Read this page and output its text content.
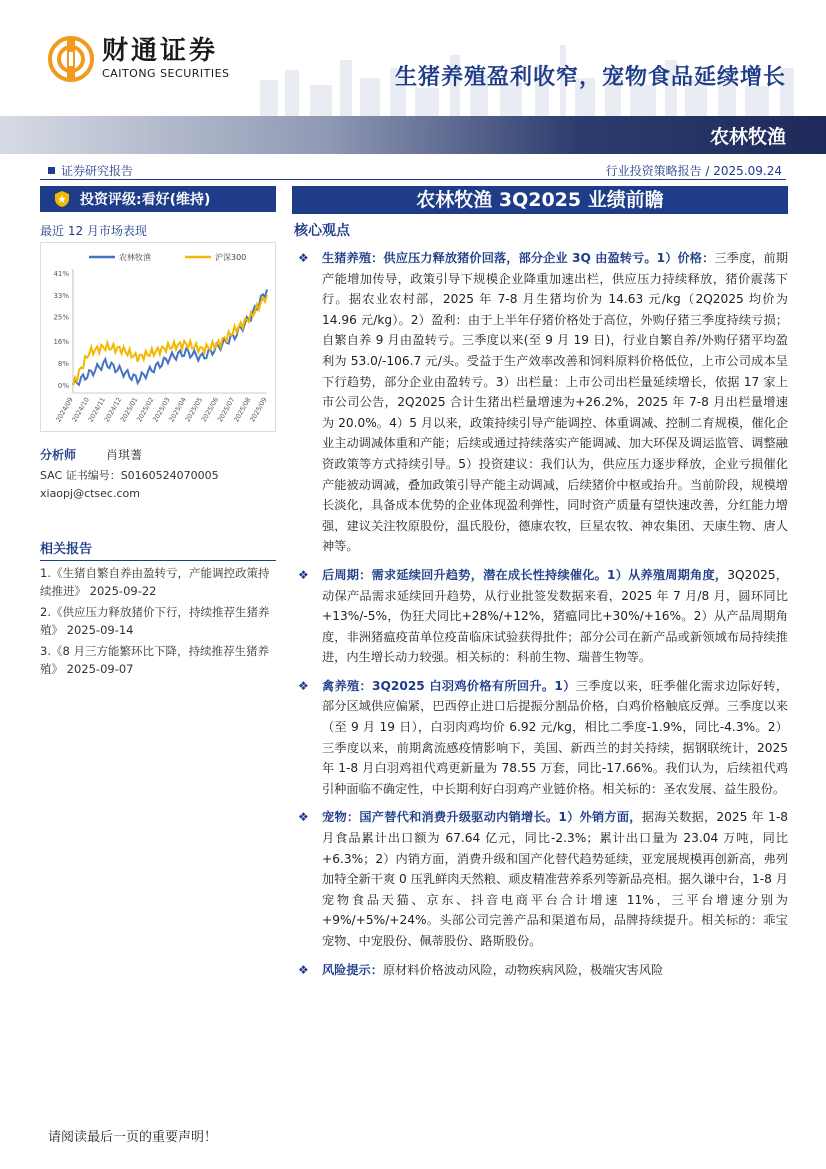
财通证券
CAITONG SECURITIES	生猪养殖盈利收窄，宠物食品延续增长
农林牧渔
证券研究报告	行业投资策略报告 / 2025.09.24
投资评级:看好(维持)
最近 12 月市场表现
农林牧渔	沪深300
41%
33%
25%
16%
8%
0%
2024/09
2024/10
2024/11
2024/12
2025/01
2025/02
2025/03
2025/04
2025/05
2025/06
2025/07
2025/08
2025/09
分析师	肖琪蓍
SAC 证书编号：S0160524070005
xiaopj@ctsec.com
相关报告
1.《生猪自繁自养由盈转亏，产能调控政策持续推进》 2025-09-22
2.《供应压力释放猪价下行，持续推荐生猪养殖》 2025-09-14
3.《8 月三方能繁环比下降，持续推荐生猪养殖》 2025-09-07
农林牧渔 3Q2025 业绩前瞻
核心观点
❖ 生猪养殖：供应压力释放猪价回落，部分企业 3Q 由盈转亏。1）价格：三季度，前期产能增加传导，政策引导下规模企业降重加速出栏，供应压力持续释放，猪价震荡下行。据农业农村部，2025 年 7-8 月生猪均价为 14.63 元/kg（2Q2025 均价为 14.96 元/kg）。2）盈利：由于上半年仔猪价格处于高位，外购仔猪三季度持续亏损；自繁自养 9 月由盈转亏。三季度以来(至 9 月 19 日)，行业自繁自养/外购仔猪平均盈利为 53.0/-106.7 元/头。受益于生产效率改善和饲料原料价格低位，上市公司成本呈下行趋势，部分企业由盈转亏。3）出栏量：上市公司出栏量延续增长，依据 17 家上市公司公告，2Q2025 合计生猪出栏量增速为+26.2%，2025 年 7-8 月出栏量增速为 20.0%。4）5 月以来，政策持续引导产能调控、体重调减、控制二育规模，催化企业主动调减体重和产能；后续或通过持续落实产能调减、加大环保及调运监管、调整融资政策等方式持续引导。5）投资建议：我们认为，供应压力逐步释放，企业亏损催化产能被动调减，叠加政策引导产能主动调减，后续猪价中枢或抬升。当前阶段，规模增长淡化，具备成本优势的企业体现盈利弹性，同时资产质量有望快速改善，分红能力增强，建议关注牧原股份，温氏股份，德康农牧，巨星农牧、神农集团、天康生物、唐人神等。
❖ 后周期：需求延续回升趋势，潜在成长性持续催化。1）从养殖周期角度，3Q2025，动保产品需求延续回升趋势，从行业批签发数据来看，2025 年 7 月/8 月，圆环同比+13%/-5%，伪狂犬同比+28%/+12%，猪瘟同比+30%/+16%。2）从产品周期角度，非洲猪瘟疫苗单位疫苗临床试验获得批件；部分公司在新产品或新领域布局持续推进，内生增长动力较强。相关标的：科前生物、瑞普生物等。
❖ 禽养殖：3Q2025 白羽鸡价格有所回升。1）三季度以来，旺季催化需求边际好转，部分区域供应偏紧，巴西停止进口后提振分割品价格，白鸡价格触底反弹。三季度以来（至 9 月 19 日），白羽肉鸡均价 6.92 元/kg，相比二季度-1.9%，同比-4.3%。2）三季度以来，前期禽流感疫情影响下，美国、新西兰的封关持续，据钢联统计，2025 年 1-8 月白羽鸡祖代鸡更新量为 78.55 万套，同比-17.66%。我们认为，后续祖代鸡引种面临不确定性，中长期利好白羽鸡产业链价格。相关标的：圣农发展、益生股份。
❖ 宠物：国产替代和消费升级驱动内销增长。1）外销方面，据海关数据，2025 年 1-8 月食品累计出口额为 67.64 亿元，同比-2.3%；累计出口量为 23.04 万吨，同比+6.3%；2）内销方面，消费升级和国产化替代趋势延续，亚宠展规模再创新高，弗列加特全新干爽 0 压乳鲜肉天然粮、顽皮精准营养系列等新品亮相。据久谦中台，1-8 月宠物食品天猫、京东、抖音电商平台合计增速 11%，三平台增速分别为+9%/+5%/+24%。头部公司完善产品和渠道布局，品牌持续提升。相关标的：乖宝宠物、中宠股份、佩蒂股份、路斯股份。
❖ 风险提示：原材料价格波动风险，动物疾病风险，极端灾害风险
请阅读最后一页的重要声明！
